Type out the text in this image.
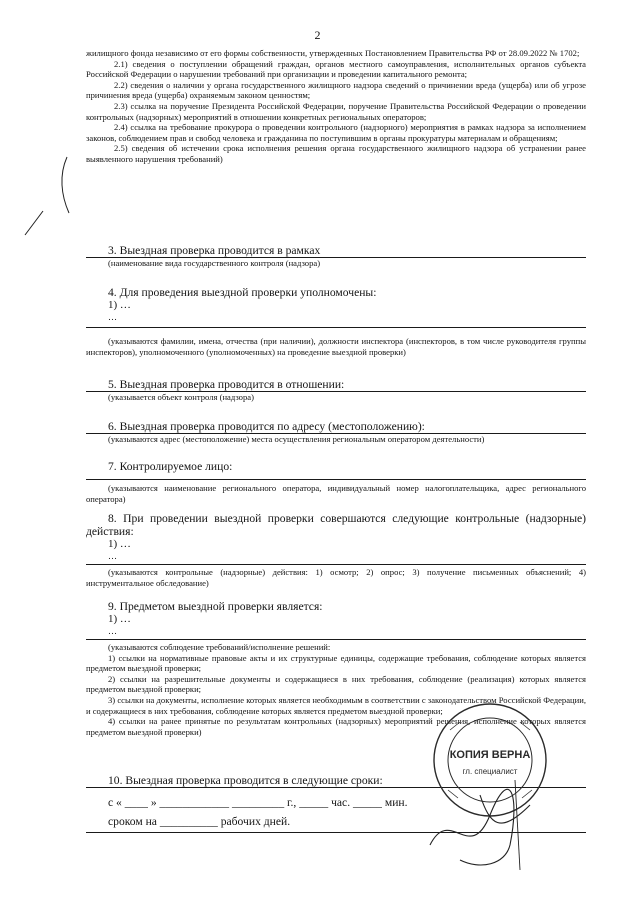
2

жилищного фонда независимо от его формы собственности, утвержденных Постановлением Правительства РФ от 28.09.2022 № 1702;

2.1) сведения о поступлении обращений граждан, органов местного самоуправления, исполнительных органов субъекта Российской Федерации о нарушении требований при организации и проведении капитального ремонта;

2.2) сведения о наличии у органа государственного жилищного надзора сведений о причинении вреда (ущерба) или об угрозе причинения вреда (ущерба) охраняемым законом ценностям;

2.3) ссылка на поручение Президента Российской Федерации, поручение Правительства Российской Федерации о проведении контрольных (надзорных) мероприятий в отношении конкретных региональных операторов;

2.4) ссылка на требование прокурора о проведении контрольного (надзорного) мероприятия в рамках надзора за исполнением законов, соблюдением прав и свобод человека и гражданина по поступившим в органы прокуратуры материалам и обращениям;

2.5) сведения об истечении срока исполнения решения органа государственного жилищного надзора об устранении ранее выявленного нарушения требований)

3. Выездная проверка проводится в рамках

(наименование вида государственного контроля (надзора)

4. Для проведения выездной проверки уполномочены:

1) …

…

(указываются фамилии, имена, отчества (при наличии), должности инспектора (инспекторов, в том числе руководителя группы инспекторов), уполномоченного (уполномоченных) на проведение выездной проверки)

5. Выездная проверка проводится в отношении:

(указывается объект контроля (надзора)

6. Выездная проверка проводится по адресу (местоположению):

(указываются адрес (местоположение) места осуществления региональным оператором деятельности)

7. Контролируемое лицо:

(указываются наименование регионального оператора, индивидуальный номер налогоплательщика, адрес регионального оператора)

8. При проведении выездной проверки совершаются следующие контрольные (надзорные) действия:

1) …

…

(указываются контрольные (надзорные) действия: 1) осмотр; 2) опрос; 3) получение письменных объяснений; 4) инструментальное обследование)

9. Предметом выездной проверки является:

1) …

…

(указываются соблюдение требований/исполнение решений:

1) ссылки на нормативные правовые акты и их структурные единицы, содержащие требования, соблюдение которых является предметом выездной проверки;

2) ссылки на разрешительные документы и содержащиеся в них требования, соблюдение (реализация) которых является предметом выездной проверки;

3) ссылки на документы, исполнение которых является необходимым в соответствии с законодательством Российской Федерации, и содержащиеся в них требования, соблюдение которых является предметом выездной проверки;

4) ссылки на ранее принятые по результатам контрольных (надзорных) мероприятий решения, исполнение которых является предметом выездной проверки)

10. Выездная проверка проводится в следующие сроки:

с « ____ » ____________ _________ г., _____ час. _____ мин.

сроком на __________ рабочих дней.

КОПИЯ ВЕРНА
гл. специалист
